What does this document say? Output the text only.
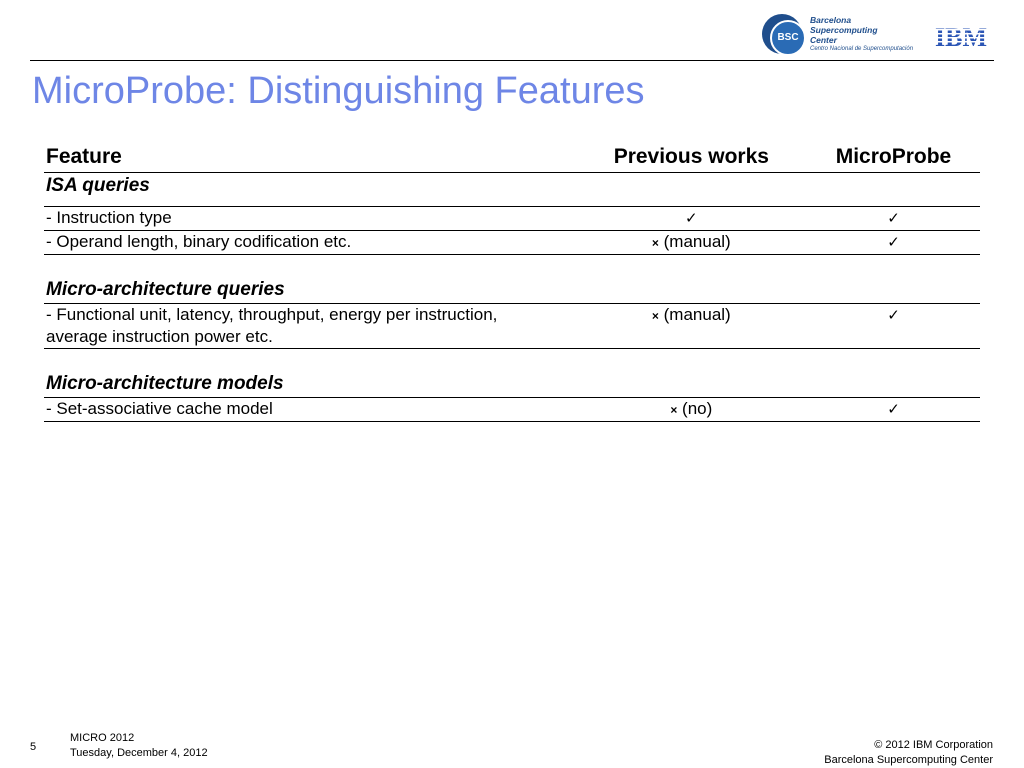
BSC
Barcelona
Supercomputing
Center
Centro Nacional de Supercomputación
MicroProbe: Distinguishing Features
Feature	Previous works	MicroProbe
ISA queries		
- Instruction type	✓	✓
- Operand length, binary codification etc.	× (manual)	✓

Micro-architecture queries		

- Functional unit, latency, throughput, energy per instruction,
average instruction power etc.	× (manual)	✓

Micro-architecture models		
- Set-associative cache model	× (no)	✓
5
MICRO 2012
Tuesday, December 4, 2012
© 2012 IBM Corporation
Barcelona Supercomputing Center
